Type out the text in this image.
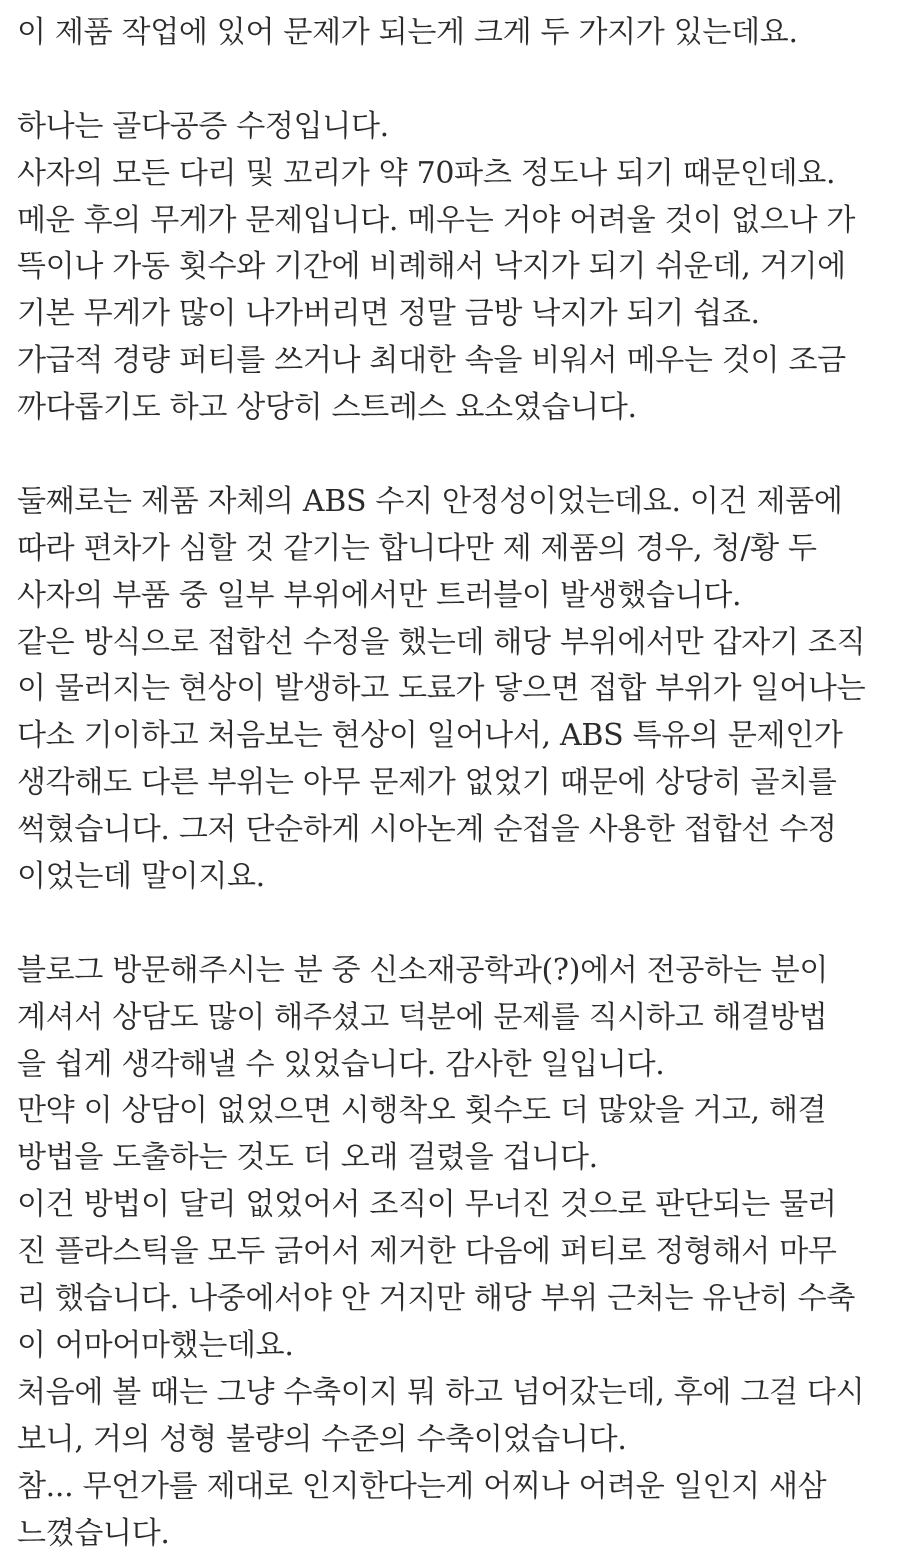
이 제품 작업에 있어 문제가 되는게 크게 두 가지가 있는데요.
하나는 골다공증 수정입니다.
사자의 모든 다리 및 꼬리가 약 70파츠 정도나 되기 때문인데요.
메운 후의 무게가 문제입니다. 메우는 거야 어려울 것이 없으나 가
뜩이나 가동 횟수와 기간에 비례해서 낙지가 되기 쉬운데, 거기에
기본 무게가 많이 나가버리면 정말 금방 낙지가 되기 쉽죠.
가급적 경량 퍼티를 쓰거나 최대한 속을 비워서 메우는 것이 조금
까다롭기도 하고 상당히 스트레스 요소였습니다.
둘째로는 제품 자체의 ABS 수지 안정성이었는데요. 이건 제품에
따라 편차가 심할 것 같기는 합니다만 제 제품의 경우, 청/황 두
사자의 부품 중 일부 부위에서만 트러블이 발생했습니다.
같은 방식으로 접합선 수정을 했는데 해당 부위에서만 갑자기 조직
이 물러지는 현상이 발생하고 도료가 닿으면 접합 부위가 일어나는
다소 기이하고 처음보는 현상이 일어나서, ABS 특유의 문제인가
생각해도 다른 부위는 아무 문제가 없었기 때문에 상당히 골치를
썩혔습니다. 그저 단순하게 시아논계 순접을 사용한 접합선 수정
이었는데 말이지요.
블로그 방문해주시는 분 중 신소재공학과(?)에서 전공하는 분이
계셔서 상담도 많이 해주셨고 덕분에 문제를 직시하고 해결방법
을 쉽게 생각해낼 수 있었습니다. 감사한 일입니다.
만약 이 상담이 없었으면 시행착오 횟수도 더 많았을 거고, 해결
방법을 도출하는 것도 더 오래 걸렸을 겁니다.
이건 방법이 달리 없었어서 조직이 무너진 것으로 판단되는 물러
진 플라스틱을 모두 긁어서 제거한 다음에 퍼티로 정형해서 마무
리 했습니다. 나중에서야 안 거지만 해당 부위 근처는 유난히 수축
이 어마어마했는데요.
처음에 볼 때는 그냥 수축이지 뭐 하고 넘어갔는데, 후에 그걸 다시
보니, 거의 성형 불량의 수준의 수축이었습니다.
참... 무언가를 제대로 인지한다는게 어찌나 어려운 일인지 새삼
느꼈습니다.
